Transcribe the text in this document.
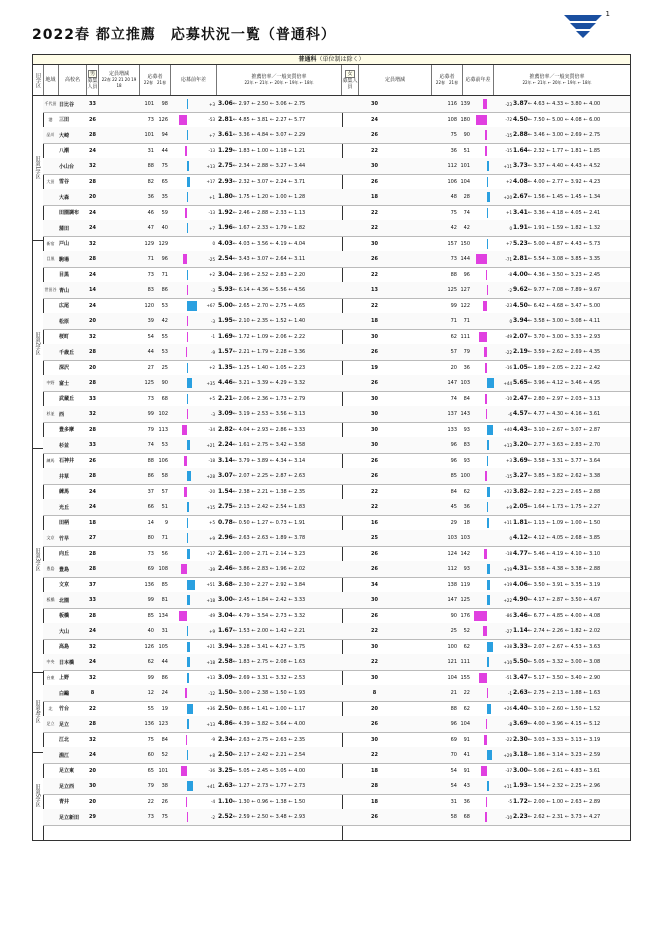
2022春 都立推薦　応募状況一覧（普通科）
1
普通科（単位制は除く）
旧学区 地域	高校名
男
募集人員
定員増減
22春 22 21 20 19 18
応募者
22春　21春	応募前年差	推薦倍率／一般実質倍率
22年 ← 21年 ← 20年 ← 19年 ← 18年
女
募集人員
定員増減	応募者
22春　21春	応募前年差	推薦倍率／一般実質倍率
22年 ← 21年 ← 20年 ← 19年 ← 18年
旧第1学区
旧第2学区
旧第3学区
旧第4学区
旧第5学区
千代田 日比谷	33	101	98	+3 3.06 ← 2.97 ← 2.50 ← 3.06 ← 2.75	30	116 139	-23 3.87 ← 4.63 ← 4.33 ← 3.80 ← 4.00
港	三田	26	73 126	-53 2.81 ← 4.85 ← 3.81 ← 2.27 ← 5.77	24	108 180	-72 4.50 ← 7.50 ← 5.00 ← 4.08 ← 6.00
品川 大崎	28	101	94	+7 3.61 ← 3.36 ← 4.84 ← 3.07 ← 2.29	26	75	90	-15 2.88 ← 3.46 ← 3.00 ← 2.69 ← 2.75
八潮	24	31	44	-13 1.29 ← 1.83 ← 1.00 ← 1.18 ← 1.21	22	36	51	-15 1.64 ← 2.32 ← 1.77 ← 1.81 ← 1.85
小山台	32	88	75	+13 2.75 ← 2.34 ← 2.88 ← 3.27 ← 3.44	30	112 101	+11 3.73 ← 3.37 ← 4.40 ← 4.43 ← 4.52
大田 雪谷	28	82	65	+17 2.93 ← 2.32 ← 3.07 ← 2.24 ← 3.71	26	106 104	+2 4.08 ← 4.00 ← 2.77 ← 3.92 ← 4.23
大森	20	36	35	+1 1.80 ← 1.75 ← 1.20 ← 1.00 ← 1.28	18	48	28	+20 2.67 ← 1.56 ← 1.45 ← 1.45 ← 1.34
田園調布	24	46	59	-13 1.92 ← 2.46 ← 2.88 ← 2.33 ← 1.13	22	75	74	+1 3.41 ← 3.36 ← 4.18 ← 4.05 ← 2.41
蒲田	24	47	40	+7 1.96 ← 1.67 ← 2.33 ← 1.79 ← 1.82	22	42	42	0 1.91 ← 1.91 ← 1.59 ← 1.82 ← 1.32
新宿 戸山	32	129 129	0 4.03 ← 4.03 ← 3.56 ← 4.19 ← 4.04	30	157 150	+7 5.23 ← 5.00 ← 4.87 ← 4.43 ← 5.73
目黒 駒場	28	71	96	-25 2.54 ← 3.43 ← 3.07 ← 2.64 ← 3.11	26	73 144	-71 2.81 ← 5.54 ← 3.08 ← 3.85 ← 3.35
目黒	24	73	71	+2 3.04 ← 2.96 ← 2.52 ← 2.83 ← 2.20	22	88	96	-8 4.00 ← 4.36 ← 3.50 ← 3.23 ← 2.45
世田谷 青山	14	83	86	-3 5.93 ← 6.14 ← 4.36 ← 5.56 ← 4.56	13	125 127	-2 9.62 ← 9.77 ← 7.08 ← 7.89 ← 9.67
広尾	24	120	53	+67 5.00 ← 2.65 ← 2.70 ← 2.75 ← 4.65	22	99 122	-23 4.50 ← 6.42 ← 4.68 ← 3.47 ← 5.00
松原	20	39	42	-3 1.95 ← 2.10 ← 2.35 ← 1.52 ← 1.40	18	71	71	0 3.94 ← 3.58 ← 3.00 ← 3.08 ← 4.11
桜町	32	54	55	-1 1.69 ← 1.72 ← 1.09 ← 2.06 ← 2.22	30	62 111	-49 2.07 ← 3.70 ← 3.00 ← 3.33 ← 2.93
千歳丘	28	44	53	-9 1.57 ← 2.21 ← 1.79 ← 2.28 ← 3.36	26	57	79	-22 2.19 ← 3.59 ← 2.62 ← 2.69 ← 4.35
深沢	20	27	25	+2 1.35 ← 1.25 ← 1.40 ← 1.05 ← 2.23	19	20	36	-16 1.05 ← 1.89 ← 2.05 ← 2.22 ← 2.42
中野 富士	28	125	90	+35 4.46 ← 3.21 ← 3.39 ← 4.29 ← 3.32	26	147 103	+44 5.65 ← 3.96 ← 4.12 ← 3.46 ← 4.95
武蔵丘	33	73	68	+5 2.21 ← 2.06 ← 2.36 ← 1.73 ← 2.79	30	74	84	-10 2.47 ← 2.80 ← 2.97 ← 2.03 ← 3.13
杉並 西	32	99 102	-3 3.09 ← 3.19 ← 2.53 ← 3.56 ← 3.13	30	137 143	-6 4.57 ← 4.77 ← 4.30 ← 4.16 ← 3.61
豊多摩	28	79 113	-34 2.82 ← 4.04 ← 2.93 ← 2.86 ← 3.33	30	133	93	+40 4.43 ← 3.10 ← 2.67 ← 3.07 ← 2.87
杉並	33	74	53	+21 2.24 ← 1.61 ← 2.75 ← 3.42 ← 3.58	30	96	83	+13 3.20 ← 2.77 ← 3.63 ← 2.83 ← 2.70
練馬 石神井	26	88 106	-18 3.14 ← 3.79 ← 3.89 ← 4.34 ← 3.14	26	96	93	+3 3.69 ← 3.58 ← 3.31 ← 3.77 ← 3.64
井草	28	86	58	+28 3.07 ← 2.07 ← 2.25 ← 2.87 ← 2.63	26	85 100	-15 3.27 ← 3.85 ← 3.82 ← 2.62 ← 3.38
練馬	24	37	57	-20 1.54 ← 2.38 ← 2.21 ← 1.38 ← 2.35	22	84	62	+22 3.82 ← 2.82 ← 2.23 ← 2.65 ← 2.88
光丘	24	66	51	+15 2.75 ← 2.13 ← 2.42 ← 2.54 ← 1.83	22	45	36	+9 2.05 ← 1.64 ← 1.73 ← 1.75 ← 2.27
田柄	18	14	9	+5 0.78 ← 0.50 ← 1.27 ← 0.73 ← 1.91	16	29	18	+11 1.81 ← 1.13 ← 1.09 ← 1.00 ← 1.50
文京 竹早	27	80	71	+9 2.96 ← 2.63 ← 2.63 ← 1.89 ← 3.78	25	103 103	0 4.12 ← 4.12 ← 4.05 ← 2.68 ← 3.85
向丘	28	73	56	+17 2.61 ← 2.00 ← 2.71 ← 2.14 ← 3.23	26	124 142	-18 4.77 ← 5.46 ← 4.19 ← 4.10 ← 3.10
豊島 豊島	28	69 108	-39 2.46 ← 3.86 ← 2.83 ← 1.96 ← 2.02	26	112	93	+19 4.31 ← 3.58 ← 4.38 ← 3.38 ← 2.88
文京	37	136	85	+51 3.68 ← 2.30 ← 2.27 ← 2.92 ← 3.84	34	138 119	+19 4.06 ← 3.50 ← 3.91 ← 3.35 ← 3.19
板橋 北園	33	99	81	+18 3.00 ← 2.45 ← 1.84 ← 2.42 ← 3.33	30	147 125	+22 4.90 ← 4.17 ← 2.87 ← 3.50 ← 4.67
板橋	28	85 134	-49 3.04 ← 4.79 ← 3.54 ← 2.73 ← 3.32	26	90 176	-86 3.46 ← 6.77 ← 4.85 ← 4.00 ← 4.08
大山	24	40	31	+9 1.67 ← 1.53 ← 2.00 ← 1.42 ← 2.21	22	25	52	-27 1.14 ← 2.74 ← 2.26 ← 1.82 ← 2.02
高島	32	126 105	+21 3.94 ← 3.28 ← 3.41 ← 4.27 ← 3.75	30	100	62	+38 3.33 ← 2.07 ← 2.67 ← 4.53 ← 3.63
中央 日本橋	24	62	44	+18 2.58 ← 1.83 ← 2.75 ← 2.08 ← 1.63	22	121 111	+10 5.50 ← 5.05 ← 3.32 ← 3.00 ← 3.08
台東 上野	32	99	86	+13 3.09 ← 2.69 ← 3.31 ← 3.32 ← 2.53	30	104 155	-51 3.47 ← 5.17 ← 3.50 ← 3.40 ← 2.90
白鷗	8	12	24	-12 1.50 ← 3.00 ← 2.38 ← 1.50 ← 1.93	8	21	22	-1 2.63 ← 2.75 ← 2.13 ← 1.88 ← 1.63
北	竹台	22	55	19	+36 2.50 ← 0.86 ← 1.41 ← 1.00 ← 1.17	20	88	62	+26 4.40 ← 3.10 ← 2.60 ← 1.50 ← 1.52
足立 足立	28	136 123	+13 4.86 ← 4.39 ← 3.82 ← 3.64 ← 4.00	26	96 104	-8 3.69 ← 4.00 ← 3.96 ← 4.15 ← 5.12
江北	32	75	84	-9 2.34 ← 2.63 ← 2.75 ← 2.63 ← 2.35	30	69	91	-22 2.30 ← 3.03 ← 3.33 ← 3.13 ← 3.19
淵江	24	60	52	+8 2.50 ← 2.17 ← 2.42 ← 2.21 ← 2.54	22	70	41	+29 3.18 ← 1.86 ← 3.14 ← 3.23 ← 2.59
足立東	20	65 101	-36 3.25 ← 5.05 ← 2.45 ← 3.05 ← 4.00	18	54	91	-37 3.00 ← 5.06 ← 2.61 ← 4.83 ← 3.61
足立西	30	79	38	+41 2.63 ← 1.27 ← 2.73 ← 1.77 ← 2.73	28	54	43	+11 1.93 ← 1.54 ← 2.32 ← 2.25 ← 2.96
青井	20	22	26	-4 1.10 ← 1.30 ← 0.96 ← 1.38 ← 1.50	18	31	36	-5 1.72 ← 2.00 ← 1.00 ← 2.63 ← 2.89
足立新田	29	73	75	-2 2.52 ← 2.59 ← 2.50 ← 3.48 ← 2.93	26	58	68	-10 2.23 ← 2.62 ← 2.31 ← 3.73 ← 4.27
